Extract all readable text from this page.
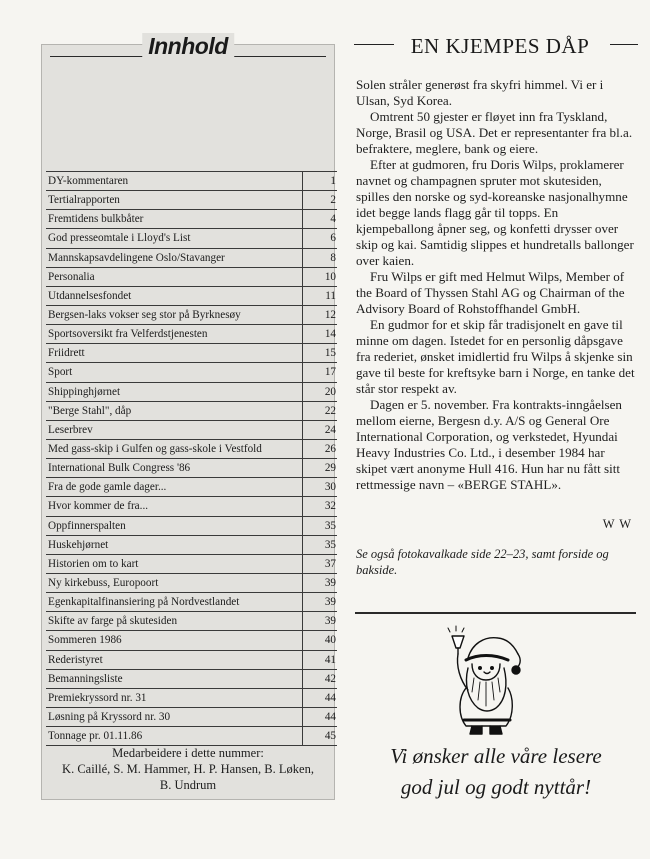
Innhold
DY-kommentaren	1
Tertialrapporten	2
Fremtidens bulkbåter	4
God presseomtale i Lloyd's List	6
Mannskapsavdelingene Oslo/Stavanger	8
Personalia	10
Utdannelsesfondet	11
Bergsen-laks vokser seg stor på Byrknesøy	12
Sportsoversikt fra Velferdstjenesten	14
Friidrett	15
Sport	17
Shippinghjørnet	20
"Berge Stahl", dåp	22
Leserbrev	24
Med gass-skip i Gulfen og gass-skole i Vestfold	26
International Bulk Congress '86	29
Fra de gode gamle dager...	30
Hvor kommer de fra...	32
Oppfinnerspalten	35
Huskehjørnet	35
Historien om to kart	37
Ny kirkebuss, Europoort	39
Egenkapitalfinansiering på Nordvestlandet	39
Skifte av farge på skutesiden	39
Sommeren 1986	40
Rederistyret	41
Bemanningsliste	42
Premiekryssord nr. 31	44
Løsning på Kryssord nr. 30	44
Tonnage pr. 01.11.86	45
Medarbeidere i dette nummer:
K. Caillé, S. M. Hammer, H. P. Hansen, B. Løken,
B. Undrum
EN KJEMPES DÅP

Solen stråler generøst fra skyfri himmel. Vi er i Ulsan, Syd Korea.

Omtrent 50 gjester er fløyet inn fra Tyskland, Norge, Brasil og USA. Det er representanter fra bl.a. befraktere, meglere, bank og eiere.

Efter at gudmoren, fru Doris Wilps, proklamerer navnet og champagnen spruter mot skutesiden, spilles den norske og syd-koreanske nasjonalhymne idet begge lands flagg går til topps. En kjempeballong åpner seg, og konfetti drysser over skip og kai. Samtidig slippes et hundretalls ballonger over kaien.

Fru Wilps er gift med Helmut Wilps, Member of the Board of Thyssen Stahl AG og Chairman of the Advisory Board of Rohstoffhandel GmbH.

En gudmor for et skip får tradisjonelt en gave til minne om dagen. Istedet for en personlig dåpsgave fra rederiet, ønsket imidlertid fru Wilps å skjenke sin gave til beste for kreftsyke barn i Norge, en tanke det står stor respekt av.

Dagen er 5. november. Fra kontrakts-inngåelsen mellom eierne, Bergesn d.y. A/S og General Ore International Corporation, og verkstedet, Hyundai Heavy Industries Co. Ltd., i desember 1984 har skipet vært anonyme Hull 416. Hun har nu fått sitt rettmessige navn – «BERGE STAHL».

W W
Se også fotokavalkade side 22–23, samt forside og bakside.
Vi ønsker alle våre lesere
god jul og godt nyttår!
